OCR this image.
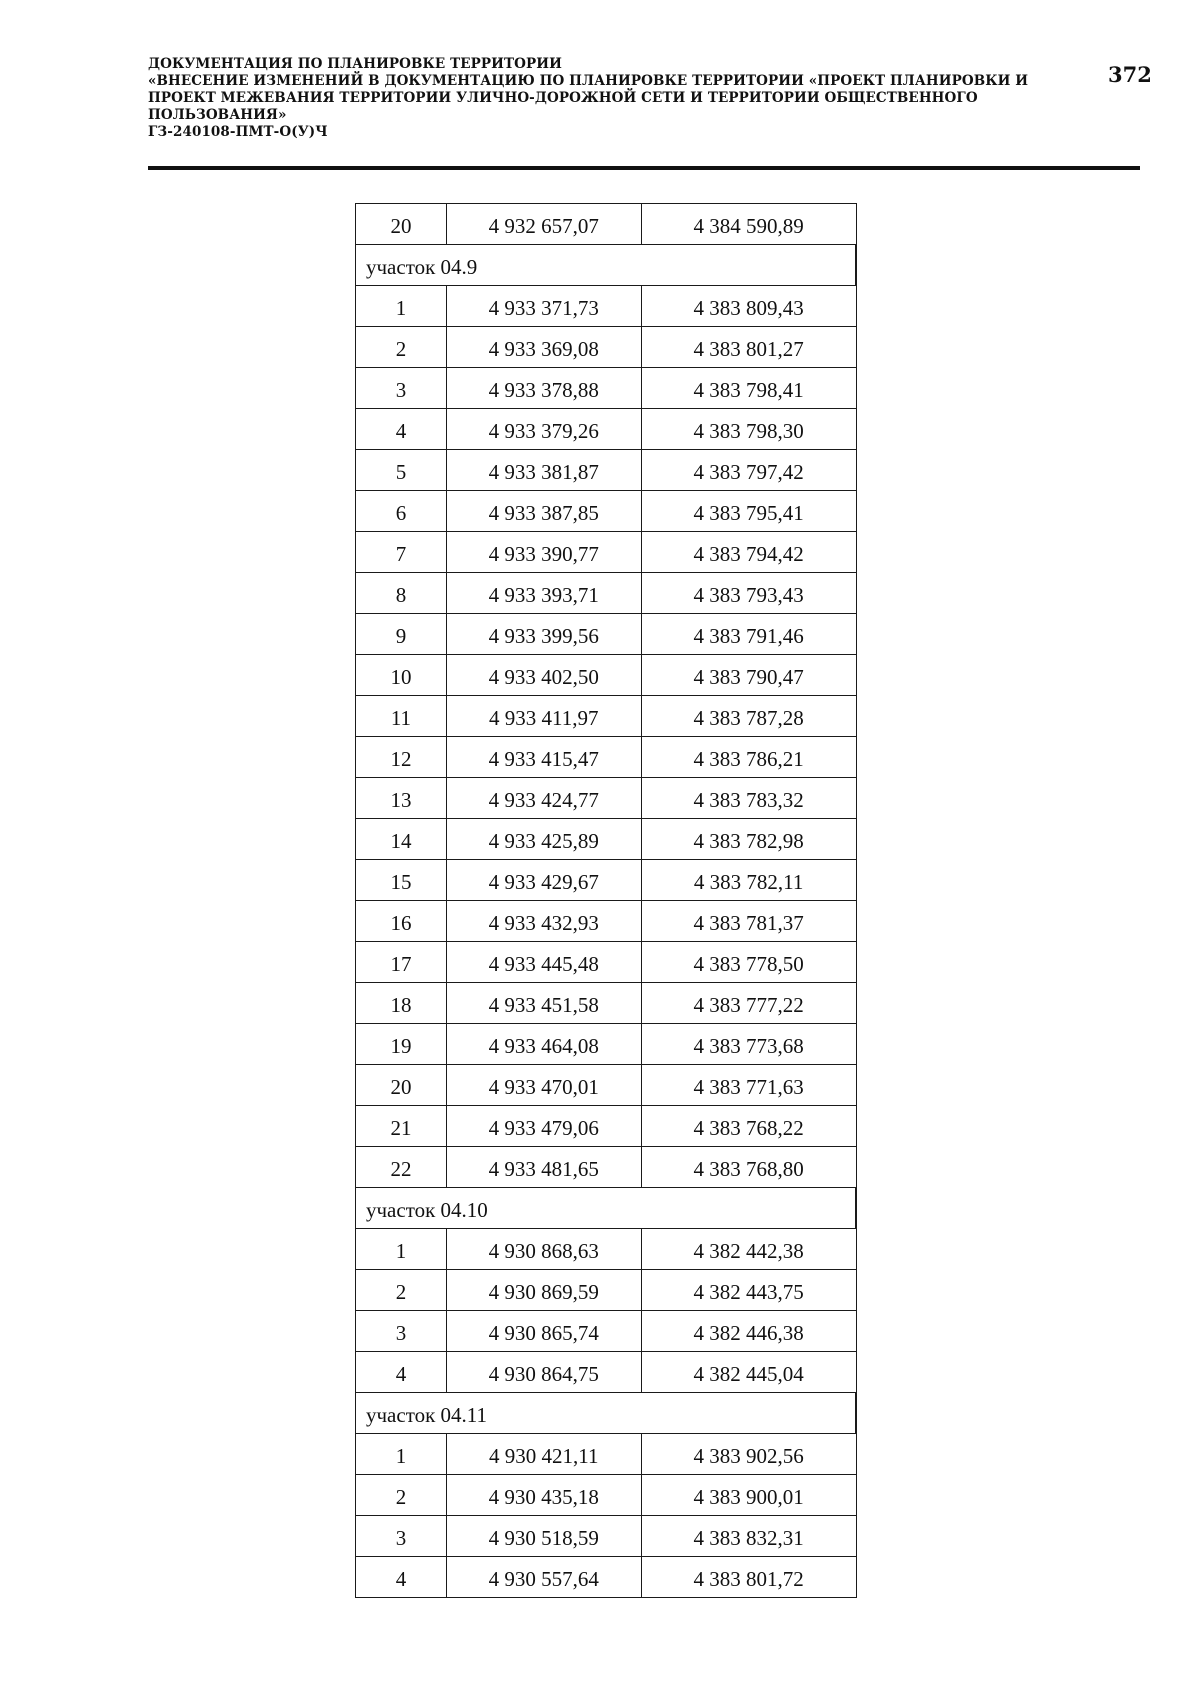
ДОКУМЕНТАЦИЯ ПО ПЛАНИРОВКЕ ТЕРРИТОРИИ
«ВНЕСЕНИЕ ИЗМЕНЕНИЙ В ДОКУМЕНТАЦИЮ ПО ПЛАНИРОВКЕ ТЕРРИТОРИИ «ПРОЕКТ ПЛАНИРОВКИ И
ПРОЕКТ МЕЖЕВАНИЯ ТЕРРИТОРИИ УЛИЧНО-ДОРОЖНОЙ СЕТИ И ТЕРРИТОРИИ ОБЩЕСТВЕННОГО
ПОЛЬЗОВАНИЯ»
ГЗ-240108-ПМТ-О(У)Ч
372
20	4 932 657,07	4 384 590,89
участок 04.9		
1	4 933 371,73	4 383 809,43
2	4 933 369,08	4 383 801,27
3	4 933 378,88	4 383 798,41
4	4 933 379,26	4 383 798,30
5	4 933 381,87	4 383 797,42
6	4 933 387,85	4 383 795,41
7	4 933 390,77	4 383 794,42
8	4 933 393,71	4 383 793,43
9	4 933 399,56	4 383 791,46
10	4 933 402,50	4 383 790,47
11	4 933 411,97	4 383 787,28
12	4 933 415,47	4 383 786,21
13	4 933 424,77	4 383 783,32
14	4 933 425,89	4 383 782,98
15	4 933 429,67	4 383 782,11
16	4 933 432,93	4 383 781,37
17	4 933 445,48	4 383 778,50
18	4 933 451,58	4 383 777,22
19	4 933 464,08	4 383 773,68
20	4 933 470,01	4 383 771,63
21	4 933 479,06	4 383 768,22
22	4 933 481,65	4 383 768,80
участок 04.10		
1	4 930 868,63	4 382 442,38
2	4 930 869,59	4 382 443,75
3	4 930 865,74	4 382 446,38
4	4 930 864,75	4 382 445,04
участок 04.11		
1	4 930 421,11	4 383 902,56
2	4 930 435,18	4 383 900,01
3	4 930 518,59	4 383 832,31
4	4 930 557,64	4 383 801,72
